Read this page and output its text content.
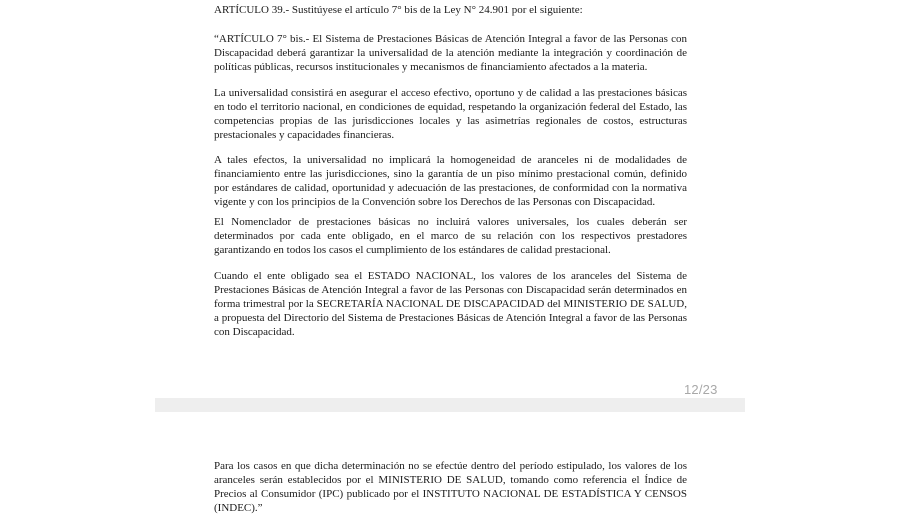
ARTÍCULO 39.- Sustitúyese el artículo 7° bis de la Ley N° 24.901 por el siguiente:

“ARTÍCULO 7° bis.- El Sistema de Prestaciones Básicas de Atención Integral a favor de las Personas con Discapacidad deberá garantizar la universalidad de la atención mediante la integración y coordinación de políticas públicas, recursos institucionales y mecanismos de financiamiento afectados a la materia.

La universalidad consistirá en asegurar el acceso efectivo, oportuno y de calidad a las prestaciones básicas en todo el territorio nacional, en condiciones de equidad, respetando la organización federal del Estado, las competencias propias de las jurisdicciones locales y las asimetrías regionales de costos, estructuras prestacionales y capacidades financieras.

A tales efectos, la universalidad no implicará la homogeneidad de aranceles ni de modalidades de financiamiento entre las jurisdicciones, sino la garantía de un piso mínimo prestacional común, definido por estándares de calidad, oportunidad y adecuación de las prestaciones, de conformidad con la normativa vigente y con los principios de la Convención sobre los Derechos de las Personas con Discapacidad.

El Nomenclador de prestaciones básicas no incluirá valores universales, los cuales deberán ser determinados por cada ente obligado, en el marco de su relación con los respectivos prestadores garantizando en todos los casos el cumplimiento de los estándares de calidad prestacional.

Cuando el ente obligado sea el ESTADO NACIONAL, los valores de los aranceles del Sistema de Prestaciones Básicas de Atención Integral a favor de las Personas con Discapacidad serán determinados en forma trimestral por la SECRETARÍA NACIONAL DE DISCAPACIDAD del MINISTERIO DE SALUD, a propuesta del Directorio del Sistema de Prestaciones Básicas de Atención Integral a favor de las Personas con Discapacidad.

12/23

Para los casos en que dicha determinación no se efectúe dentro del período estipulado, los valores de los aranceles serán establecidos por el MINISTERIO DE SALUD, tomando como referencia el Índice de Precios al Consumidor (IPC) publicado por el INSTITUTO NACIONAL DE ESTADÍSTICA Y CENSOS (INDEC).”
